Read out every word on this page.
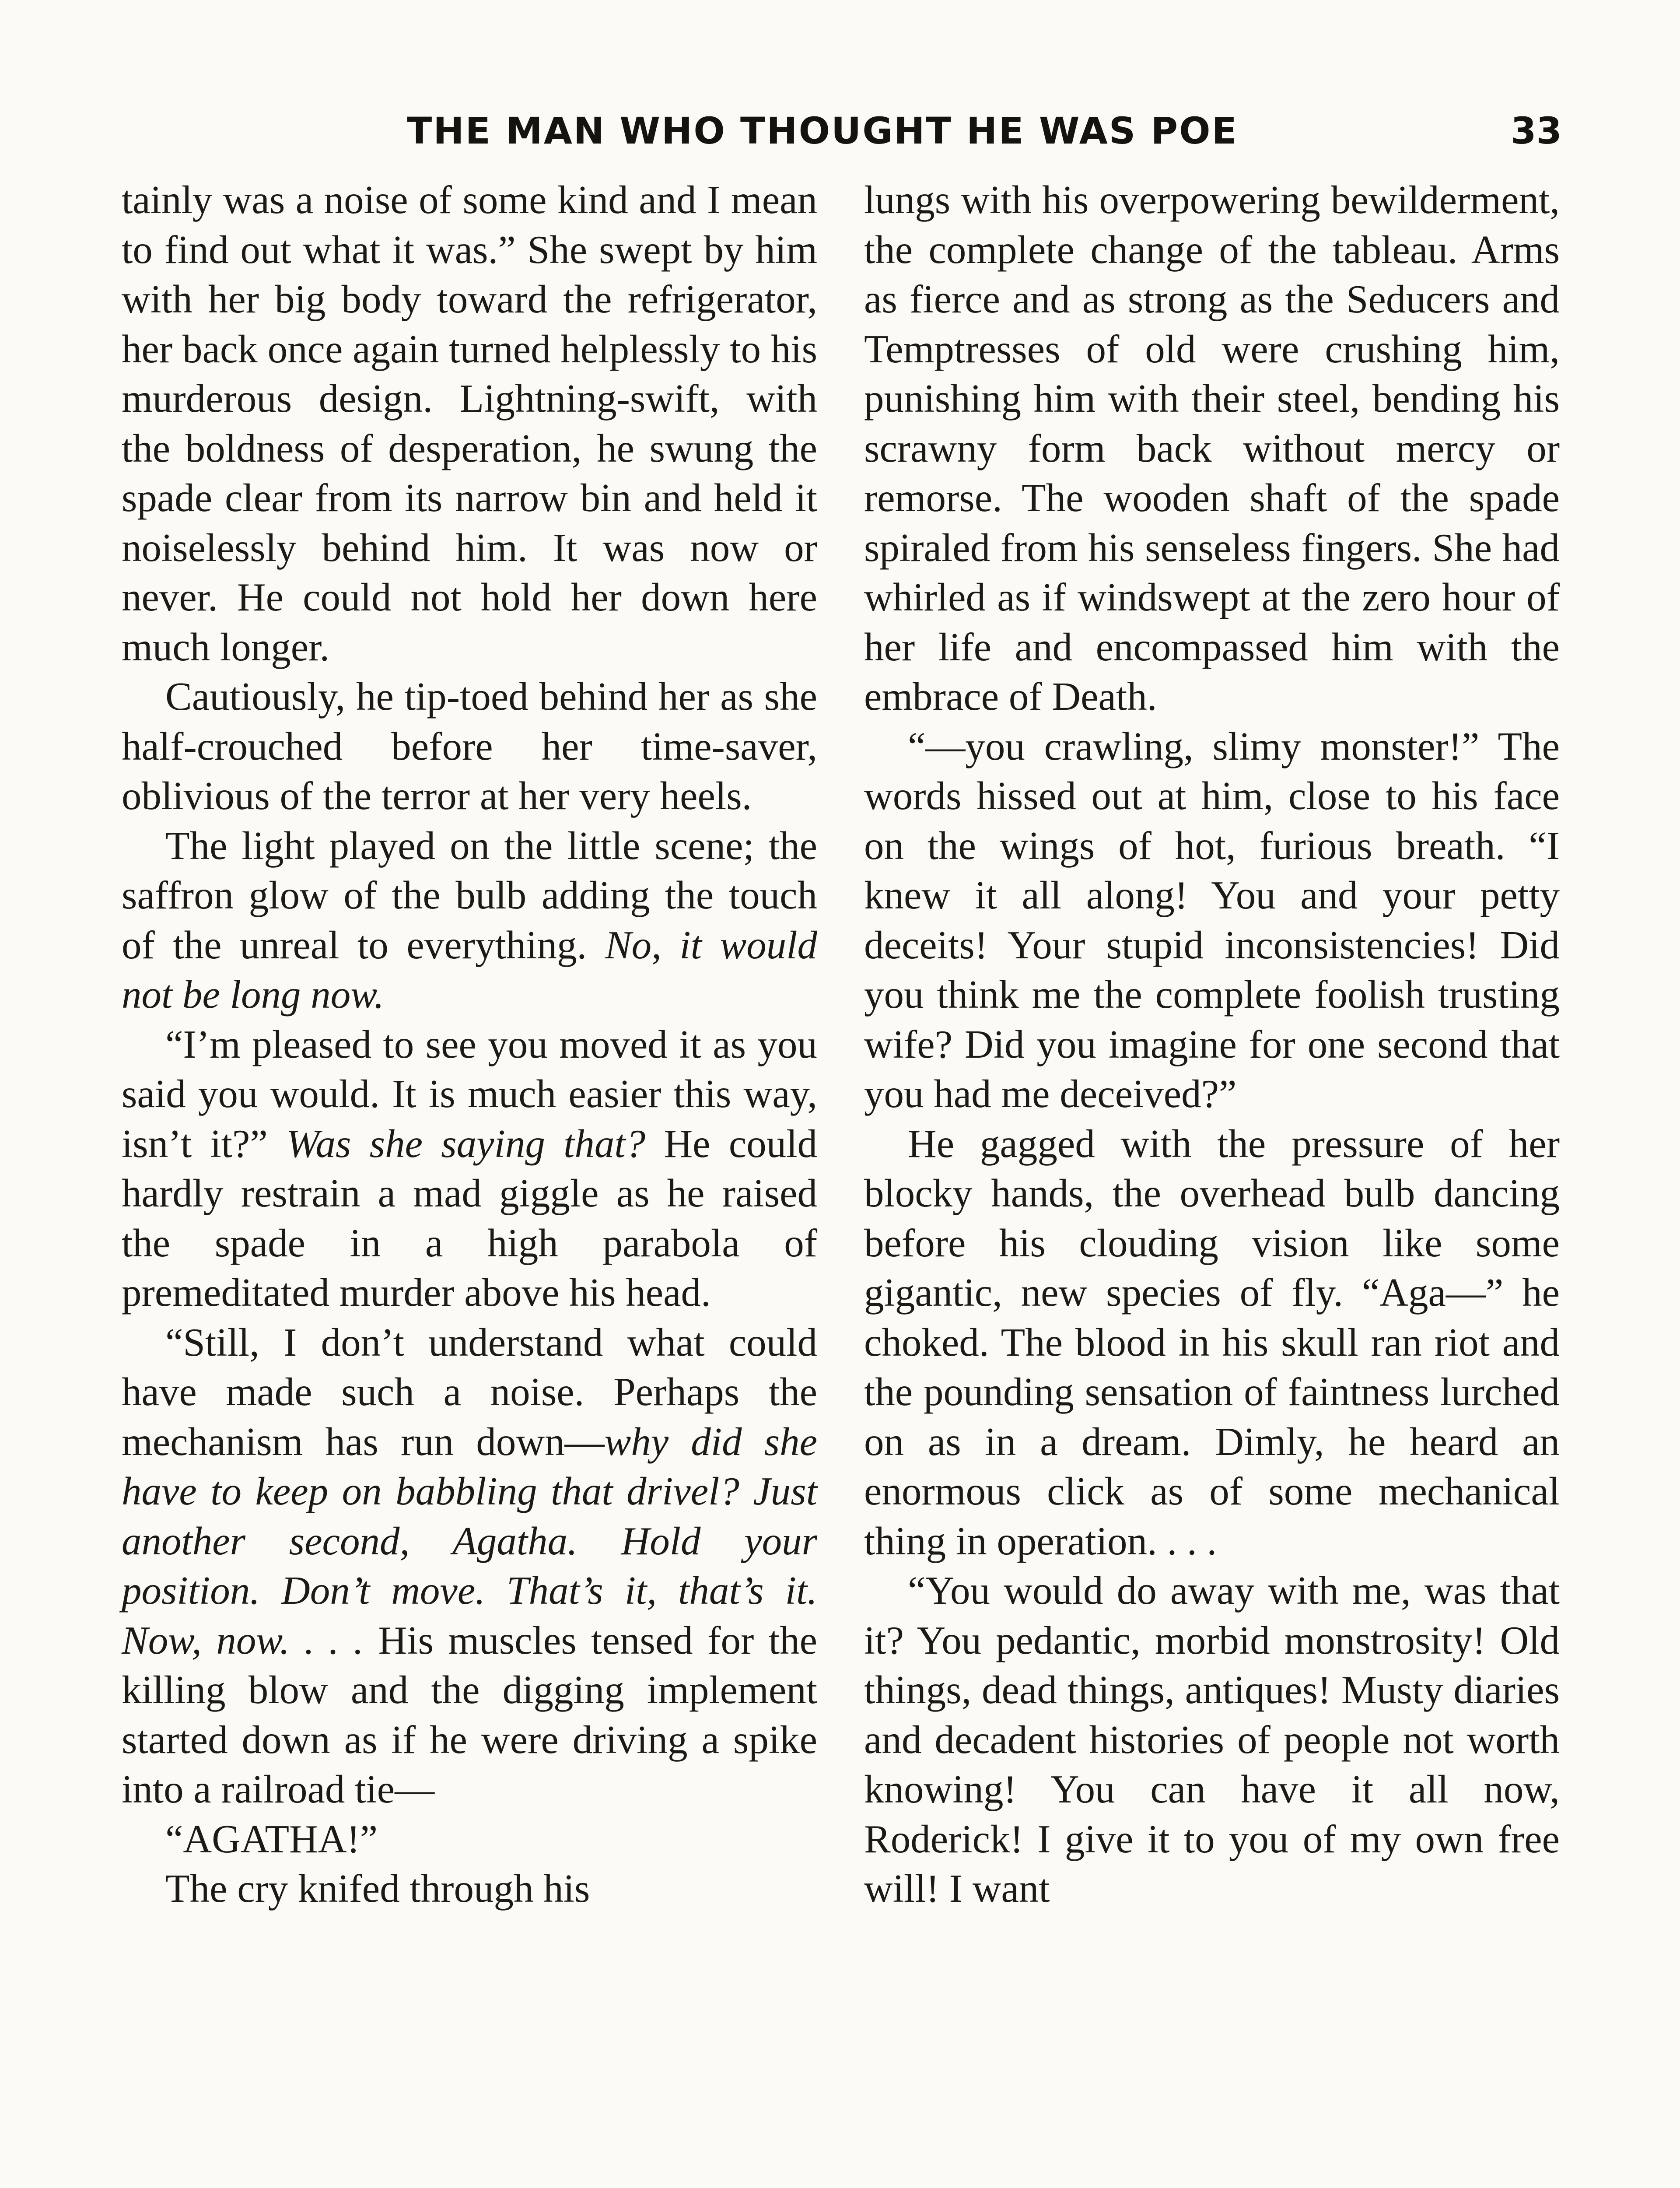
THE MAN WHO THOUGHT HE WAS POE	33

tainly was a noise of some kind and I mean to find out what it was.” She swept by him with her big body toward the refrigerator, her back once again turned helplessly to his murderous design. Lightning-swift, with the boldness of desperation, he swung the spade clear from its narrow bin and held it noiselessly behind him. It was now or never. He could not hold her down here much longer.

Cautiously, he tip-toed behind her as she half-crouched before her time-saver, oblivious of the terror at her very heels.

The light played on the little scene; the saffron glow of the bulb adding the touch of the unreal to everything. No, it would not be long now.

“I’m pleased to see you moved it as you said you would. It is much easier this way, isn’t it?” Was she saying that? He could hardly restrain a mad giggle as he raised the spade in a high parabola of premeditated murder above his head.

“Still, I don’t understand what could have made such a noise. Perhaps the mechanism has run down—why did she have to keep on babbling that drivel? Just another second, Agatha. Hold your position. Don’t move. That’s it, that’s it. Now, now. . . . His muscles tensed for the killing blow and the digging implement started down as if he were driving a spike into a railroad tie—

“AGATHA!”

The cry knifed through his

lungs with his overpowering bewilderment, the complete change of the tableau. Arms as fierce and as strong as the Seducers and Temptresses of old were crushing him, punishing him with their steel, bending his scrawny form back without mercy or remorse. The wooden shaft of the spade spiraled from his senseless fingers. She had whirled as if windswept at the zero hour of her life and encompassed him with the embrace of Death.

“—you crawling, slimy monster!” The words hissed out at him, close to his face on the wings of hot, furious breath. “I knew it all along! You and your petty deceits! Your stupid inconsistencies! Did you think me the complete foolish trusting wife? Did you imagine for one second that you had me deceived?”

He gagged with the pressure of her blocky hands, the overhead bulb dancing before his clouding vision like some gigantic, new species of fly. “Aga—” he choked. The blood in his skull ran riot and the pounding sensation of faintness lurched on as in a dream. Dimly, he heard an enormous click as of some mechanical thing in operation. . . .

“You would do away with me, was that it? You pedantic, morbid monstrosity! Old things, dead things, antiques! Musty diaries and decadent histories of people not worth knowing! You can have it all now, Roderick! I give it to you of my own free will! I want
